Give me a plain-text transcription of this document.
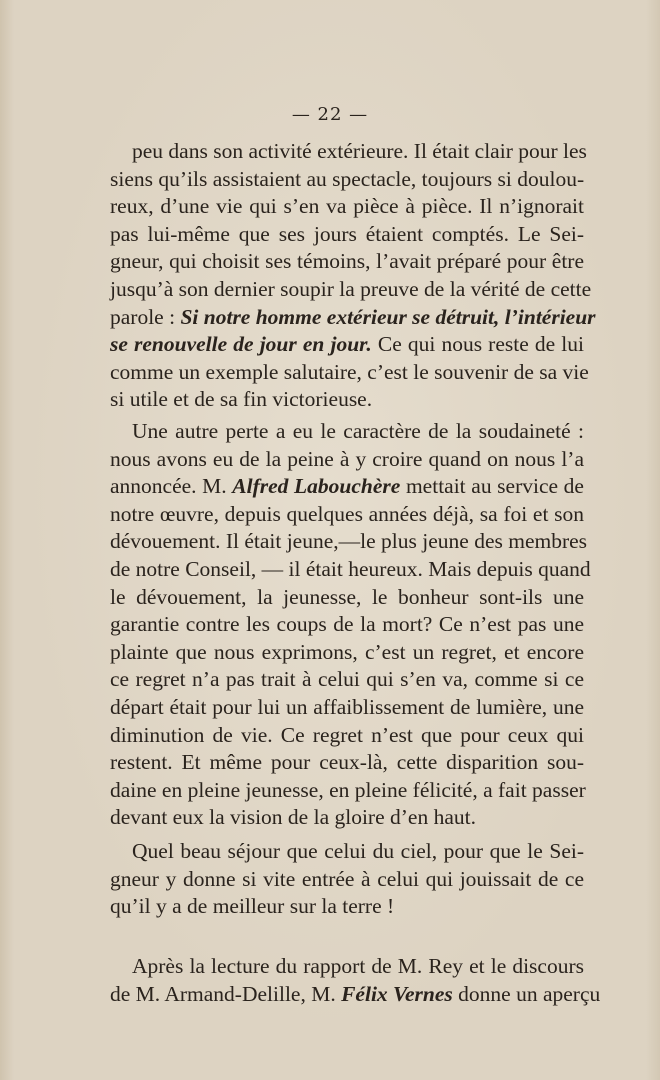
— 22 —
peu dans son activité extérieure. Il était clair pour les
siens qu’ils assistaient au spectacle, toujours si doulou-
reux, d’une vie qui s’en va pièce à pièce. Il n’ignorait
pas lui-même que ses jours étaient comptés. Le Sei-
gneur, qui choisit ses témoins, l’avait préparé pour être
jusqu’à son dernier soupir la preuve de la vérité de cette
parole : Si notre homme extérieur se détruit, l’intérieur
se renouvelle de jour en jour. Ce qui nous reste de lui
comme un exemple salutaire, c’est le souvenir de sa vie
si utile et de sa fin victorieuse.
Une autre perte a eu le caractère de la soudaineté :
nous avons eu de la peine à y croire quand on nous l’a
annoncée. M. Alfred Labouchère mettait au service de
notre œuvre, depuis quelques années déjà, sa foi et son
dévouement. Il était jeune,—le plus jeune des membres
de notre Conseil, — il était heureux. Mais depuis quand
le dévouement, la jeunesse, le bonheur sont-ils une
garantie contre les coups de la mort? Ce n’est pas une
plainte que nous exprimons, c’est un regret, et encore
ce regret n’a pas trait à celui qui s’en va, comme si ce
départ était pour lui un affaiblissement de lumière, une
diminution de vie. Ce regret n’est que pour ceux qui
restent. Et même pour ceux-là, cette disparition sou-
daine en pleine jeunesse, en pleine félicité, a fait passer
devant eux la vision de la gloire d’en haut.
Quel beau séjour que celui du ciel, pour que le Sei-
gneur y donne si vite entrée à celui qui jouissait de ce
qu’il y a de meilleur sur la terre !
Après la lecture du rapport de M. Rey et le discours
de M. Armand-Delille, M. Félix Vernes donne un aperçu
